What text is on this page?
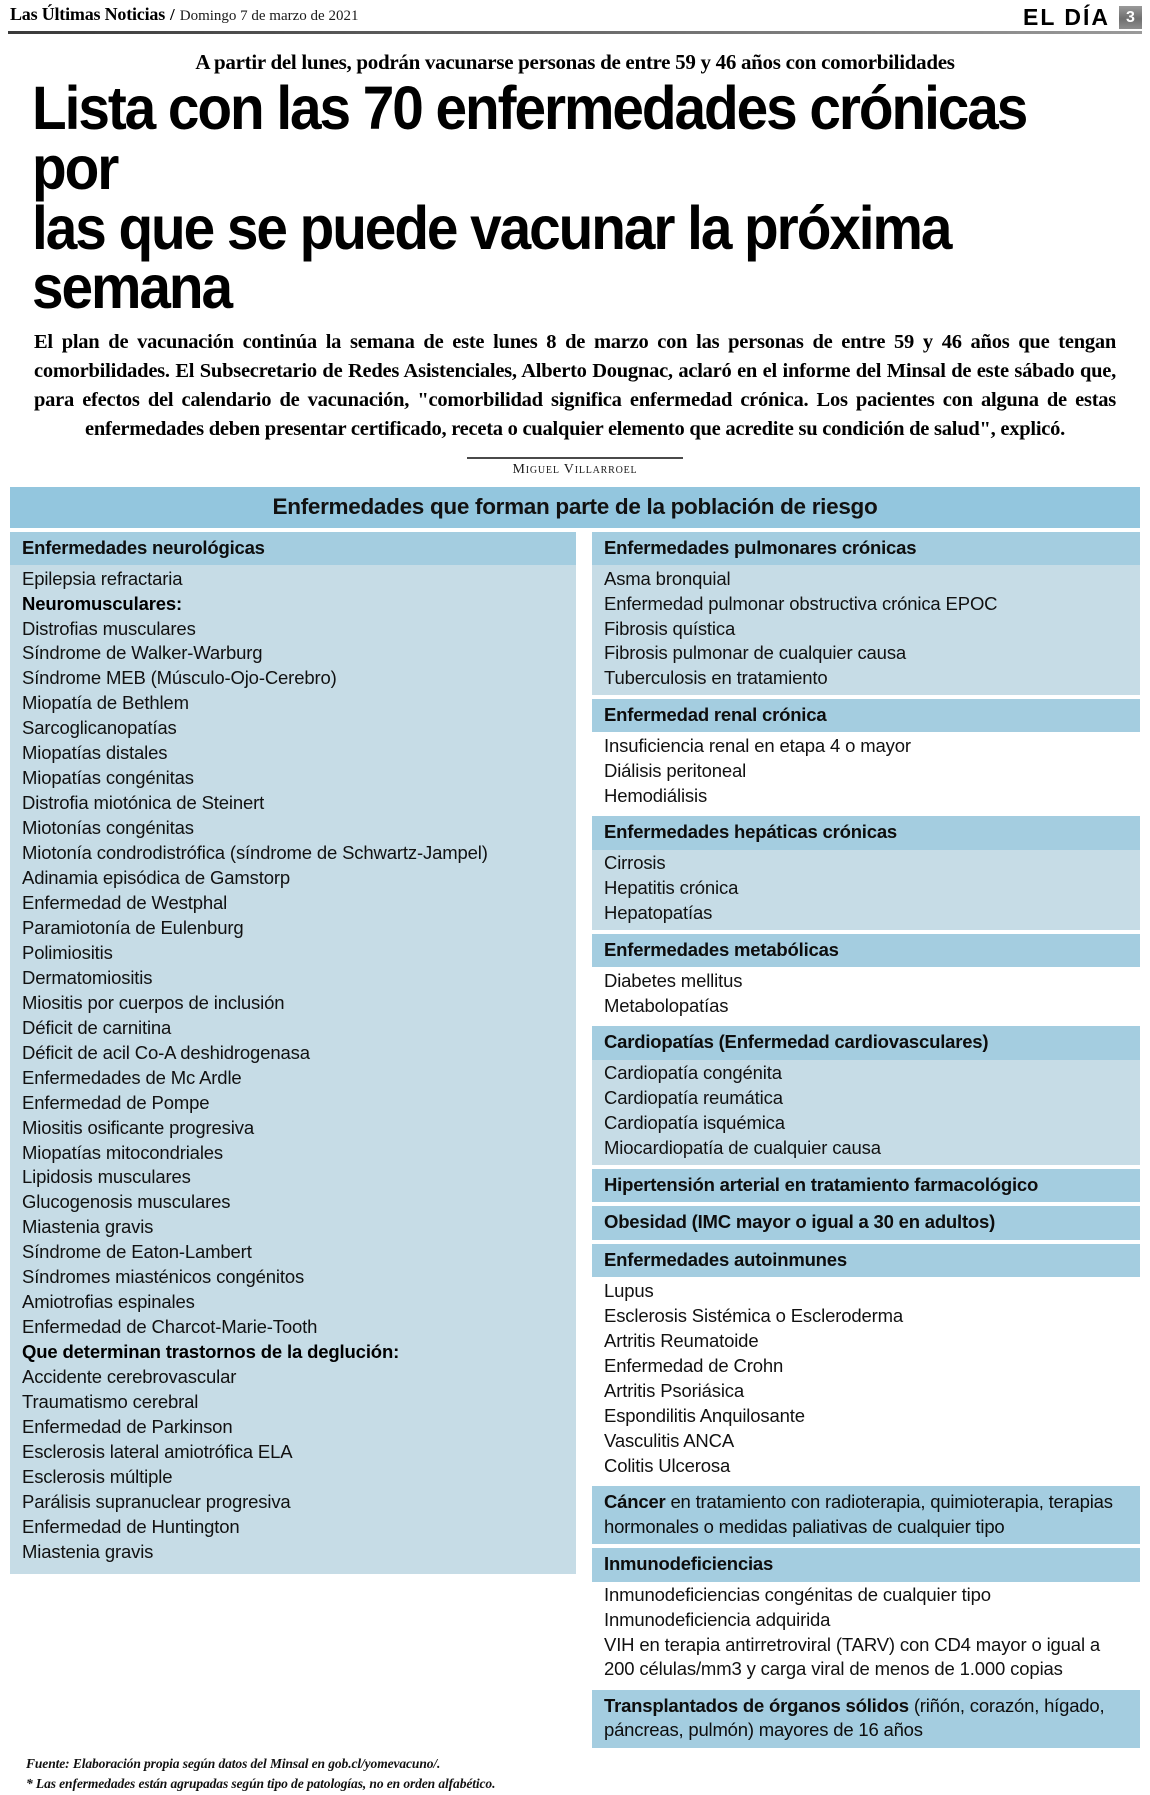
Las Últimas Noticias / Domingo 7 de marzo de 2021	EL DÍA	3
A partir del lunes, podrán vacunarse personas de entre 59 y 46 años con comorbilidades
Lista con las 70 enfermedades crónicas por
las que se puede vacunar la próxima semana
El plan de vacunación continúa la semana de este lunes 8 de marzo con las personas de entre 59 y 46 años que tengan comorbilidades. El Subsecretario de Redes Asistenciales, Alberto Dougnac, aclaró en el informe del Minsal de este sábado que, para efectos del calendario de vacunación, "comorbilidad significa enfermedad crónica. Los pacientes con alguna de estas enfermedades deben presentar certificado, receta o cualquier elemento que acredite su condición de salud", explicó.
Miguel Villarroel
Enfermedades que forman parte de la población de riesgo
Enfermedades neurológicas
Epilepsia refractaria
Neuromusculares:
Distrofias musculares
Síndrome de Walker-Warburg
Síndrome MEB (Músculo-Ojo-Cerebro)
Miopatía de Bethlem
Sarcoglicanopatías
Miopatías distales
Miopatías congénitas
Distrofia miotónica de Steinert
Miotonías congénitas
Miotonía condrodistrófica (síndrome de Schwartz-Jampel)
Adinamia episódica de Gamstorp
Enfermedad de Westphal
Paramiotonía de Eulenburg
Polimiositis
Dermatomiositis
Miositis por cuerpos de inclusión
Déficit de carnitina
Déficit de acil Co-A deshidrogenasa
Enfermedades de Mc Ardle
Enfermedad de Pompe
Miositis osificante progresiva
Miopatías mitocondriales
Lipidosis musculares
Glucogenosis musculares
Miastenia gravis
Síndrome de Eaton-Lambert
Síndromes miasténicos congénitos
Amiotrofias espinales
Enfermedad de Charcot-Marie-Tooth
Que determinan trastornos de la deglución:
Accidente cerebrovascular
Traumatismo cerebral
Enfermedad de Parkinson
Esclerosis lateral amiotrófica ELA
Esclerosis múltiple
Parálisis supranuclear progresiva
Enfermedad de Huntington
Miastenia gravis
Enfermedades pulmonares crónicas
Asma bronquial
Enfermedad pulmonar obstructiva crónica EPOC
Fibrosis quística
Fibrosis pulmonar de cualquier causa
Tuberculosis en tratamiento
Enfermedad renal crónica
Insuficiencia renal en etapa 4 o mayor
Diálisis peritoneal
Hemodiálisis
Enfermedades hepáticas crónicas
Cirrosis
Hepatitis crónica
Hepatopatías
Enfermedades metabólicas
Diabetes mellitus
Metabolopatías
Cardiopatías (Enfermedad cardiovasculares)
Cardiopatía congénita
Cardiopatía reumática
Cardiopatía isquémica
Miocardiopatía de cualquier causa
Hipertensión arterial en tratamiento farmacológico
Obesidad (IMC mayor o igual a 30 en adultos)
Enfermedades autoinmunes
Lupus
Esclerosis Sistémica o Escleroderma
Artritis Reumatoide
Enfermedad de Crohn
Artritis Psoriásica
Espondilitis Anquilosante
Vasculitis ANCA
Colitis Ulcerosa
Cáncer en tratamiento con radioterapia, quimioterapia, terapias hormonales o medidas paliativas de cualquier tipo
Inmunodeficiencias
Inmunodeficiencias congénitas de cualquier tipo
Inmunodeficiencia adquirida
VIH en terapia antirretroviral (TARV) con CD4 mayor o igual a 200 células/mm3 y carga viral de menos de 1.000 copias
Transplantados de órganos sólidos (riñón, corazón, hígado, páncreas, pulmón) mayores de 16 años
Fuente: Elaboración propia según datos del Minsal en gob.cl/yomevacuno/.
* Las enfermedades están agrupadas según tipo de patologías, no en orden alfabético.
